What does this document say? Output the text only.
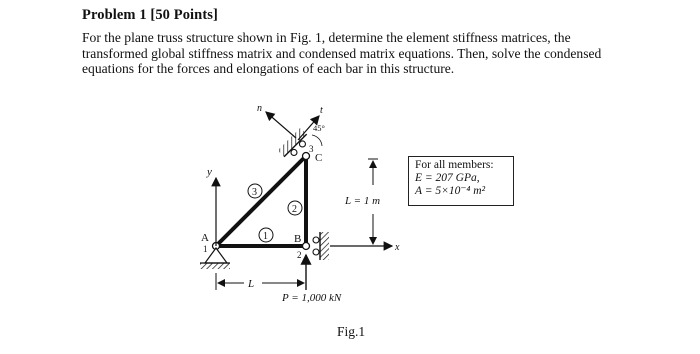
Problem 1 [50 Points]
For the plane truss structure shown in Fig. 1, determine the element stiffness matrices, the
transformed global stiffness matrix and condensed matrix equations. Then, solve the condensed
equations for the forces and elongations of each bar in this structure.
n	t
45°
y
x
A
1
B
2
C
3
1
2
3
L = 1 m
L
P = 1,000 kN
For all members:
E = 207 GPa,
A = 5×10⁻⁴ m²
Fig.1
